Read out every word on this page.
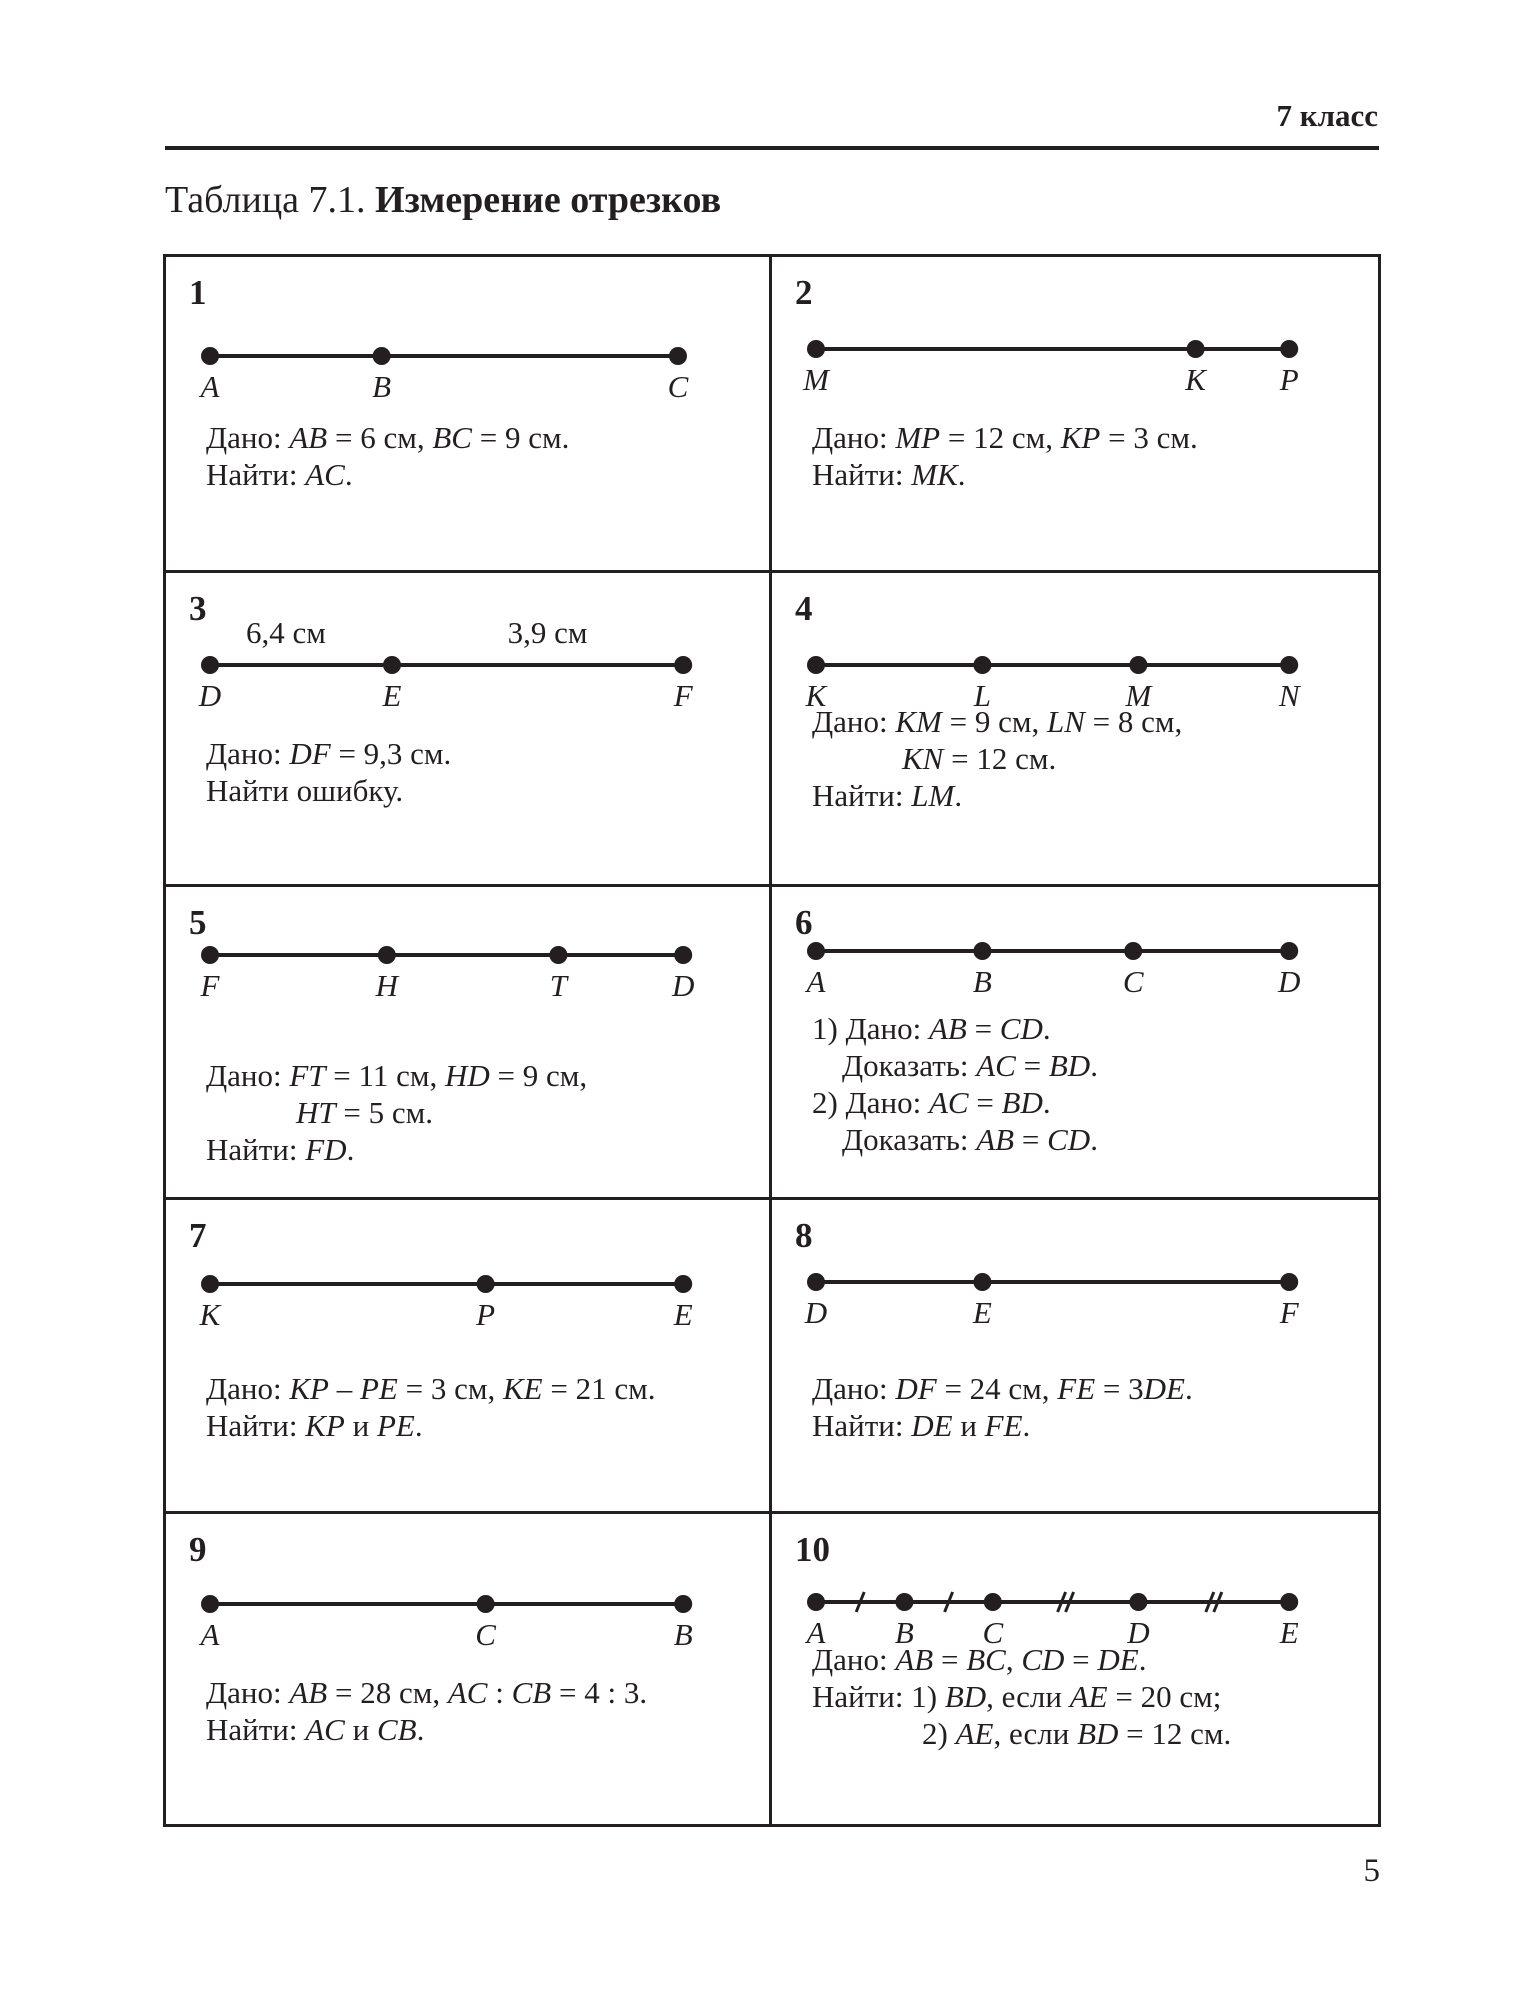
7 класс
Таблица 7.1. Измерение отрезков
1
A	B	C
Дано: AB = 6 см, BC = 9 см.
Найти: AC.
2
M	K P
Дано: MP = 12 см, KP = 3 см.
Найти: MK.
3
D	E	F
6,4 см	3,9 см
Дано: DF = 9,3 см.
Найти ошибку.
4
K	L	M	N
Дано: KM = 9 см, LN = 8 см,
KN = 12 см.
Найти: LM.
5
F	H	T	D
Дано: FT = 11 см, HD = 9 см,
HT = 5 см.
Найти: FD.
6
A	B	C	D
1) Дано: AB = CD.
Доказать: AC = BD.
2) Дано: AC = BD.
Доказать: AB = CD.
7
K	P	E
Дано: KP – PE = 3 см, KE = 21 см.
Найти: KP и PE.
8
D	E	F
Дано: DF = 24 см, FE = 3DE.
Найти: DE и FE.
9
A	C	B
Дано: AB = 28 см, AC : CB = 4 : 3.
Найти: AC и CB.
10
A B C	D	E
Дано: AB = BC, CD = DE.
Найти: 1) BD, если AE = 20 см;
2) AE, если BD = 12 см.
5
